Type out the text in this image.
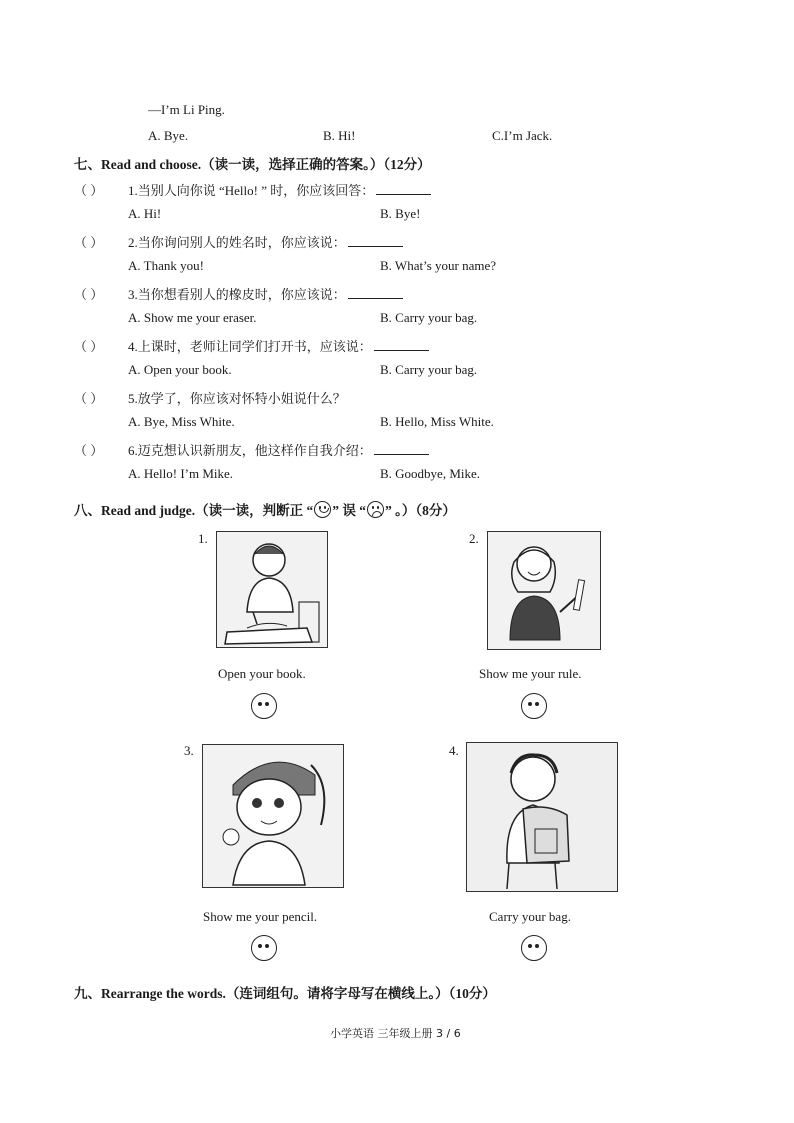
—I’m Li Ping.
A. Bye.	B. Hi!	C.I’m Jack.
七、Read and choose.（读一读，选择正确的答案。）（12分）
（ ） 1.当别人向你说 “Hello! ” 时，你应该回答：
A. Hi!	B. Bye!
（ ） 2.当你询问别人的姓名时，你应该说：
A. Thank you!	B. What’s your name?
（ ） 3.当你想看别人的橡皮时，你应该说：
A. Show me your eraser.	B. Carry your bag.
（ ） 4.上课时，老师让同学们打开书，应该说：
A. Open your book.	B. Carry your bag.
（ ） 5.放学了，你应该对怀特小姐说什么？
A. Bye, Miss White.	B. Hello, Miss White.
（ ） 6.迈克想认识新朋友，他这样作自我介绍：
A. Hello! I’m Mike.	B. Goodbye, Mike.
八、Read and judge.（读一读，判断正 “ ” 误 “ ” 。）（8分）
1.
Open your book.
2.
Show me your rule.
3.
Show me your pencil.
4.
Carry your bag.
九、Rearrange the words.（连词组句。请将字母写在横线上。）（10分）
小学英语 三年级上册 3 / 6
